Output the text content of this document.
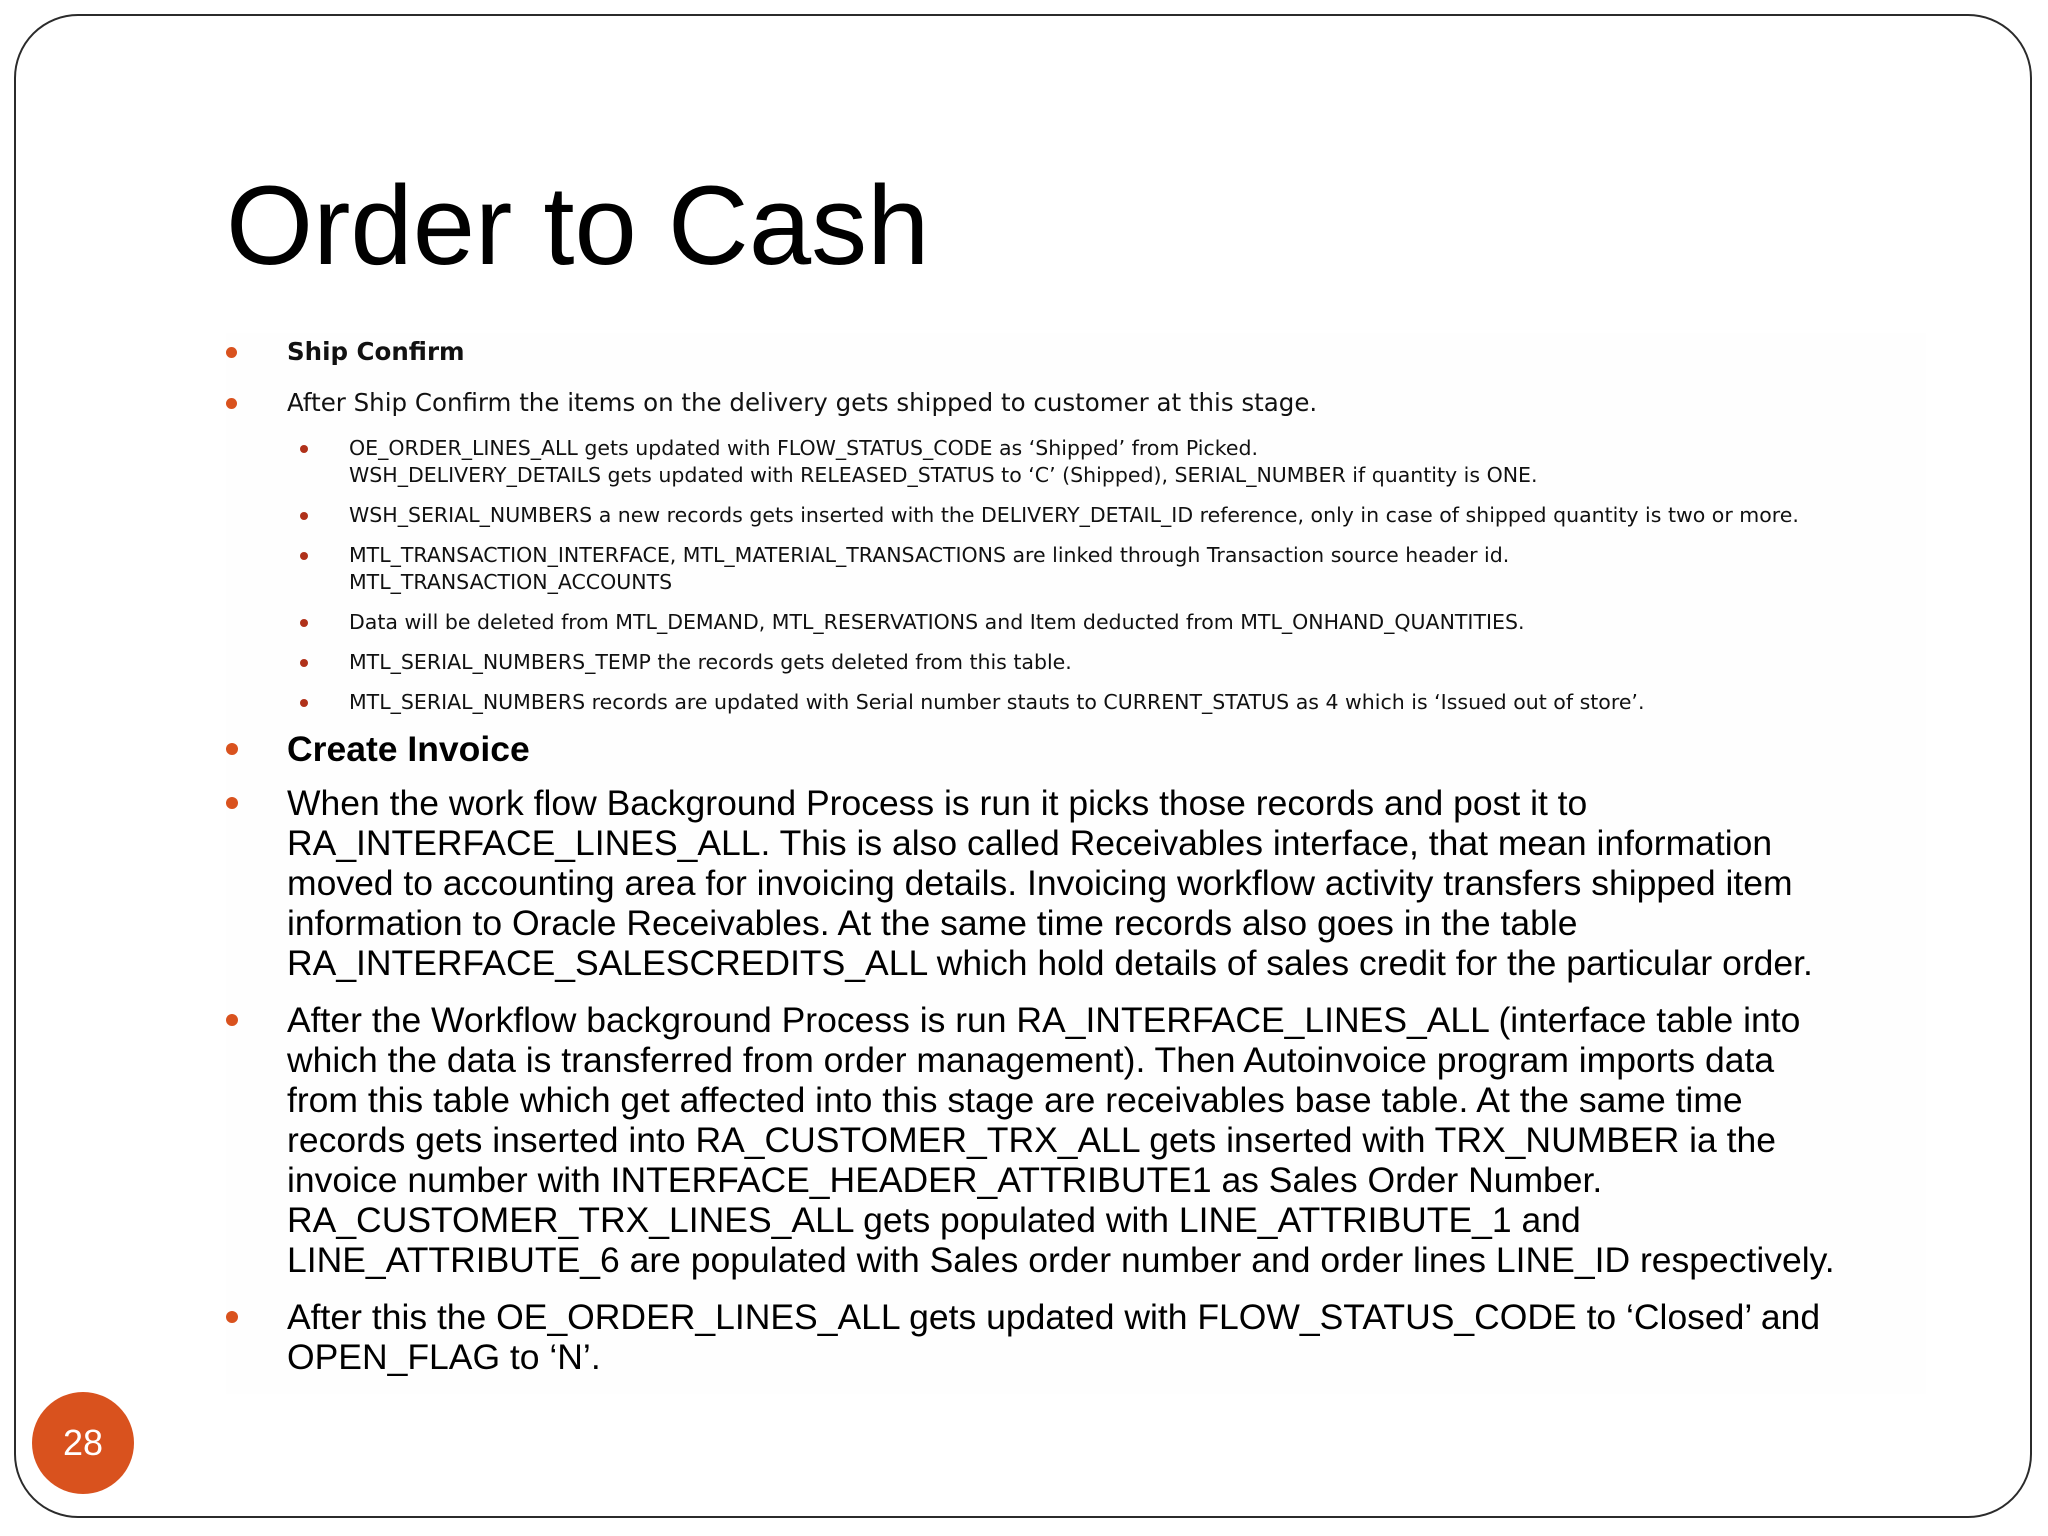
Order to Cash

Ship Confirm

After Ship Confirm the items on the delivery gets shipped to customer at this stage.

OE_ORDER_LINES_ALL gets updated with FLOW_STATUS_CODE as ‘Shipped’ from Picked.
WSH_DELIVERY_DETAILS gets updated with RELEASED_STATUS to ‘C’ (Shipped), SERIAL_NUMBER if quantity is ONE.
WSH_SERIAL_NUMBERS a new records gets inserted with the DELIVERY_DETAIL_ID reference, only in case of shipped quantity is two or more.
MTL_TRANSACTION_INTERFACE, MTL_MATERIAL_TRANSACTIONS are linked through Transaction source header id.
MTL_TRANSACTION_ACCOUNTS
Data will be deleted from MTL_DEMAND, MTL_RESERVATIONS and Item deducted from MTL_ONHAND_QUANTITIES.
MTL_SERIAL_NUMBERS_TEMP the records gets deleted from this table.
MTL_SERIAL_NUMBERS records are updated with Serial number stauts to CURRENT_STATUS as 4 which is ‘Issued out of store’.

Create Invoice

When the work flow Background Process is run it picks those records and post it to
RA_INTERFACE_LINES_ALL. This is also called Receivables interface, that mean information
moved to accounting area for invoicing details. Invoicing workflow activity transfers shipped item
information to Oracle Receivables. At the same time records also goes in the table
RA_INTERFACE_SALESCREDITS_ALL which hold details of sales credit for the particular order.
After the Workflow background Process is run RA_INTERFACE_LINES_ALL (interface table into
which the data is transferred from order management). Then Autoinvoice program imports data
from this table which get affected into this stage are receivables base table. At the same time
records gets inserted into RA_CUSTOMER_TRX_ALL gets inserted with TRX_NUMBER ia the
invoice number with INTERFACE_HEADER_ATTRIBUTE1 as Sales Order Number.
RA_CUSTOMER_TRX_LINES_ALL gets populated with LINE_ATTRIBUTE_1 and
LINE_ATTRIBUTE_6 are populated with Sales order number and order lines LINE_ID respectively.
After this the OE_ORDER_LINES_ALL gets updated with FLOW_STATUS_CODE to ‘Closed’ and
OPEN_FLAG to ‘N’.
28
